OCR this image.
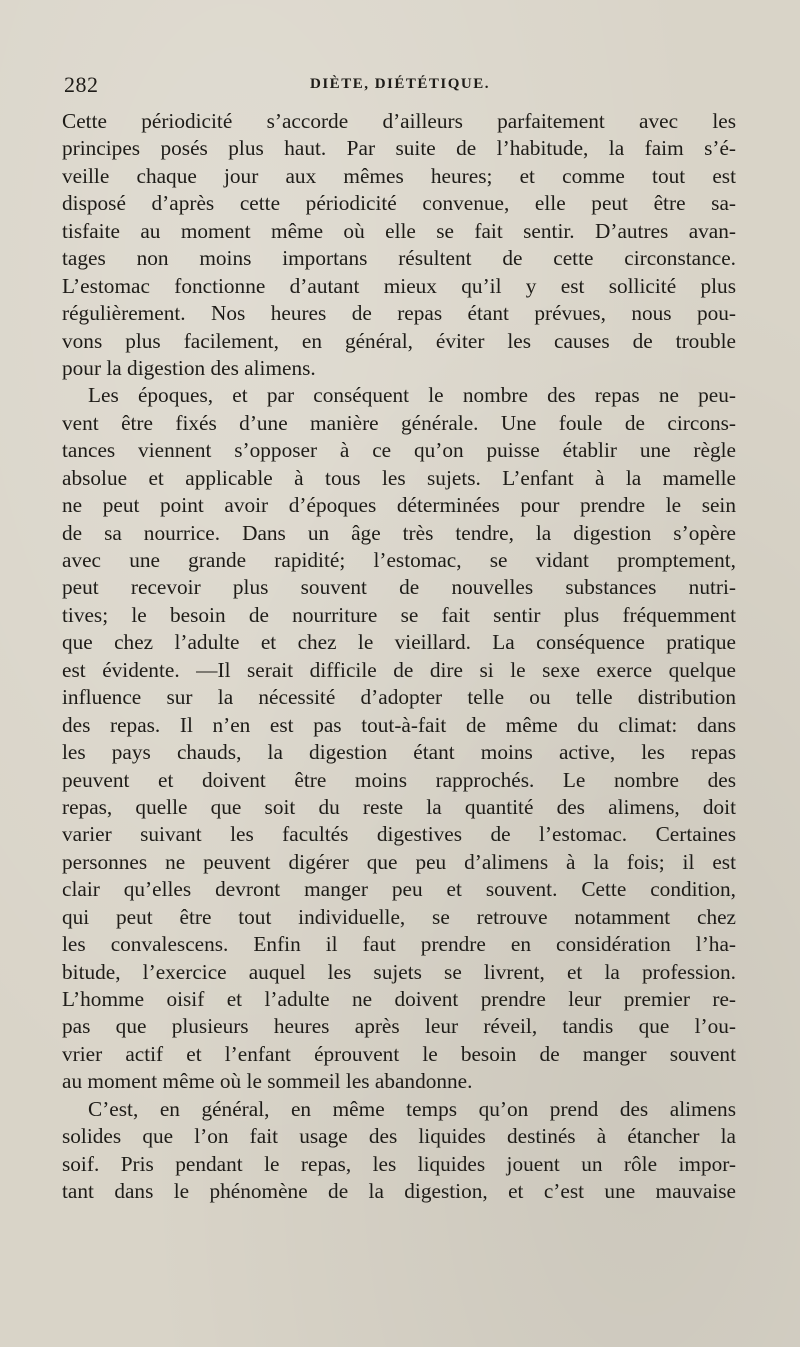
282	DIÈTE, DIÉTÉTIQUE.
Cette périodicité s’accorde d’ailleurs parfaitement avec les
principes posés plus haut. Par suite de l’habitude, la faim s’é-
veille chaque jour aux mêmes heures; et comme tout est
disposé d’après cette périodicité convenue, elle peut être sa-
tisfaite au moment même où elle se fait sentir. D’autres avan-
tages non moins importans résultent de cette circonstance.
L’estomac fonctionne d’autant mieux qu’il y est sollicité plus
régulièrement. Nos heures de repas étant prévues, nous pou-
vons plus facilement, en général, éviter les causes de trouble
pour la digestion des alimens.
Les époques, et par conséquent le nombre des repas ne peu-
vent être fixés d’une manière générale. Une foule de circons-
tances viennent s’opposer à ce qu’on puisse établir une règle
absolue et applicable à tous les sujets. L’enfant à la mamelle
ne peut point avoir d’époques déterminées pour prendre le sein
de sa nourrice. Dans un âge très tendre, la digestion s’opère
avec une grande rapidité; l’estomac, se vidant promptement,
peut recevoir plus souvent de nouvelles substances nutri-
tives; le besoin de nourriture se fait sentir plus fréquemment
que chez l’adulte et chez le vieillard. La conséquence pratique
est évidente. —Il serait difficile de dire si le sexe exerce quelque
influence sur la nécessité d’adopter telle ou telle distribution
des repas. Il n’en est pas tout-à-fait de même du climat: dans
les pays chauds, la digestion étant moins active, les repas
peuvent et doivent être moins rapprochés. Le nombre des
repas, quelle que soit du reste la quantité des alimens, doit
varier suivant les facultés digestives de l’estomac. Certaines
personnes ne peuvent digérer que peu d’alimens à la fois; il est
clair qu’elles devront manger peu et souvent. Cette condition,
qui peut être tout individuelle, se retrouve notamment chez
les convalescens. Enfin il faut prendre en considération l’ha-
bitude, l’exercice auquel les sujets se livrent, et la profession.
L’homme oisif et l’adulte ne doivent prendre leur premier re-
pas que plusieurs heures après leur réveil, tandis que l’ou-
vrier actif et l’enfant éprouvent le besoin de manger souvent
au moment même où le sommeil les abandonne.
C’est, en général, en même temps qu’on prend des alimens
solides que l’on fait usage des liquides destinés à étancher la
soif. Pris pendant le repas, les liquides jouent un rôle impor-
tant dans le phénomène de la digestion, et c’est une mauvaise
